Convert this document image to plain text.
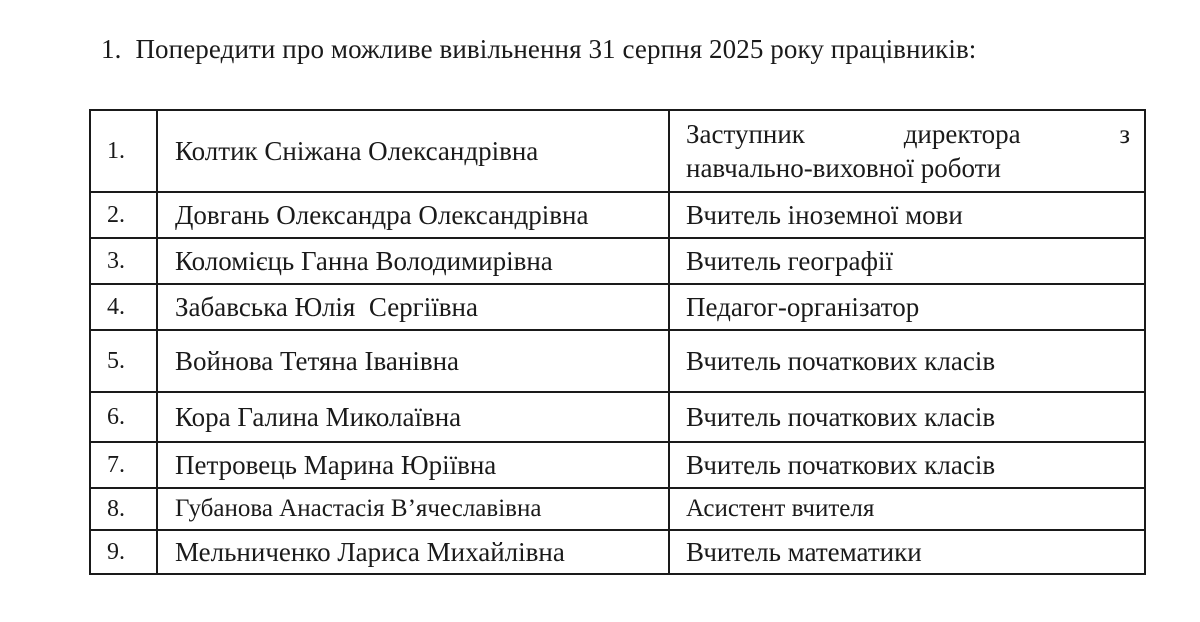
1. Попередити про можливе вивільнення 31 серпня 2025 року працівників:
1.	Колтик Сніжана Олександрівна	Заступник директора з
навчально-виховної роботи

2.	Довгань Олександра Олександрівна	Вчитель іноземної мови
3.	Коломієць Ганна Володимирівна	Вчитель географії
4.	Забавська Юлія  Сергіївна	Педагог-організатор
5.	Войнова Тетяна Іванівна	Вчитель початкових класів
6.	Кора Галина Миколаївна	Вчитель початкових класів
7.	Петровець Марина Юріївна	Вчитель початкових класів
8.	Губанова Анастасія В’ячеславівна	Асистент вчителя
9.	Мельниченко Лариса Михайлівна	Вчитель математики
